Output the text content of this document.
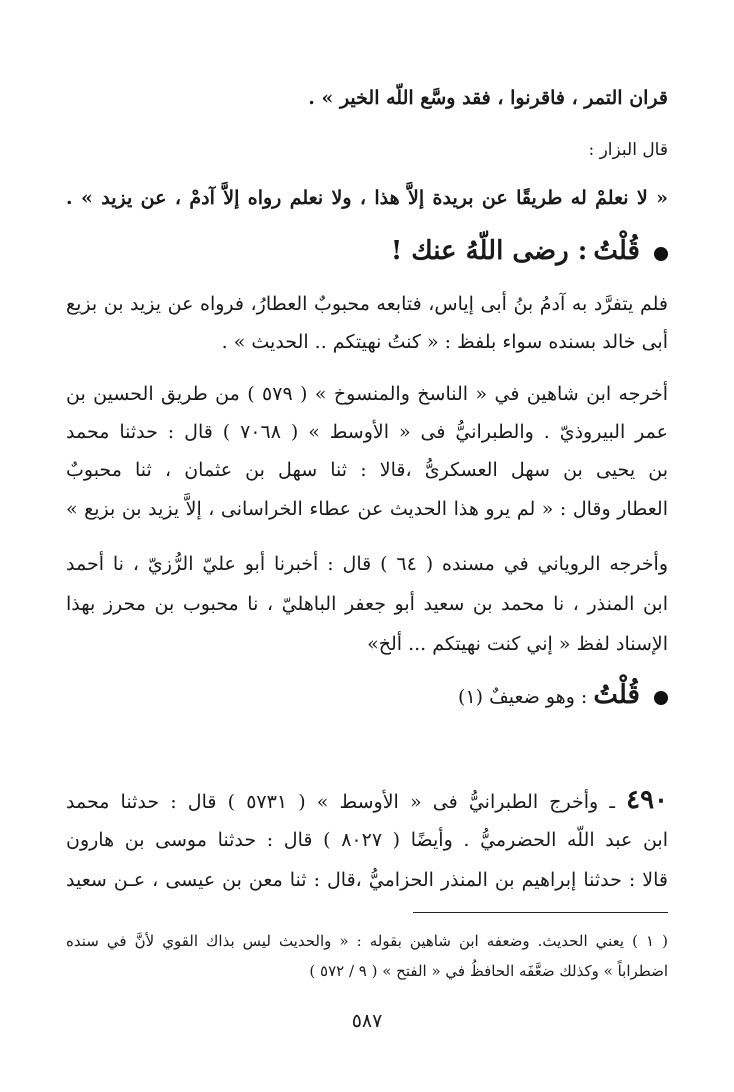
قران التمر ، فاقرنوا ، فقد وسَّع اللّه الخير » .
قال البزار :
« لا نعلمْ له طريقًا عن بريدة إلاَّ هذا ، ولا نعلم رواه إلاَّ آدمْ ، عن يزيد » .
قُلْتُ : رضى اللّهُ عنك !
فلم يتفرَّد به آدمُ بنُ أبى إياس، فتابعه محبوبٌ العطارُ، فرواه عن يزيد بن بزيع
أبى خالد بسنده سواء بلفظ : « كنتُ نهيتكم .. الحديث » .
أخرجه ابن شاهين في « الناسخ والمنسوخ » ( ٥٧٩ ) من طريق الحسين بن
عمر البيروذيّ . والطبرانيُّ فى « الأوسط » ( ٧٠٦٨ ) قال : حدثنا محمد
بن يحيى بن سهل العسكرىُّ ،قالا : ثنا سهل بن عثمان ، ثنا محبوبٌ
العطار وقال : « لم يرو هذا الحديث عن عطاء الخراسانى ، إلاَّ يزيد بن بزيع »
وأخرجه الروياني في مسنده ( ٦٤ ) قال : أخبرنا أبو عليّ الرُّزيّ ، نا أحمد
ابن المنذر ، نا محمد بن سعيد أبو جعفر الباهليّ ، نا محبوب بن محرز بهذا
الإسناد لفظ « إني كنت نهيتكم ... ألخ»
قُلْتُ : وهو ضعيفٌ (١)
٤٩٠ ـ وأخرج الطبرانيُّ فى « الأوسط » ( ٥٧٣١ ) قال : حدثنا محمد
ابن عبد اللّه الحضرميُّ . وأيضًا ( ٨٠٢٧ ) قال : حدثنا موسى بن هارون
قالا : حدثنا إبراهيم بن المنذر الحزاميُّ ،قال : ثنا معن بن عيسى ، عـن سعيد
( ١ ) يعني الحديث. وضعفه ابن شاهين بقوله : « والحديث ليس بذاك القوي لأنَّ في سنده
اضطراباً » وكذلك ضعَّفَه الحافظُ في « الفتح » ( ٩ / ٥٧٢ )
٥٨٧
